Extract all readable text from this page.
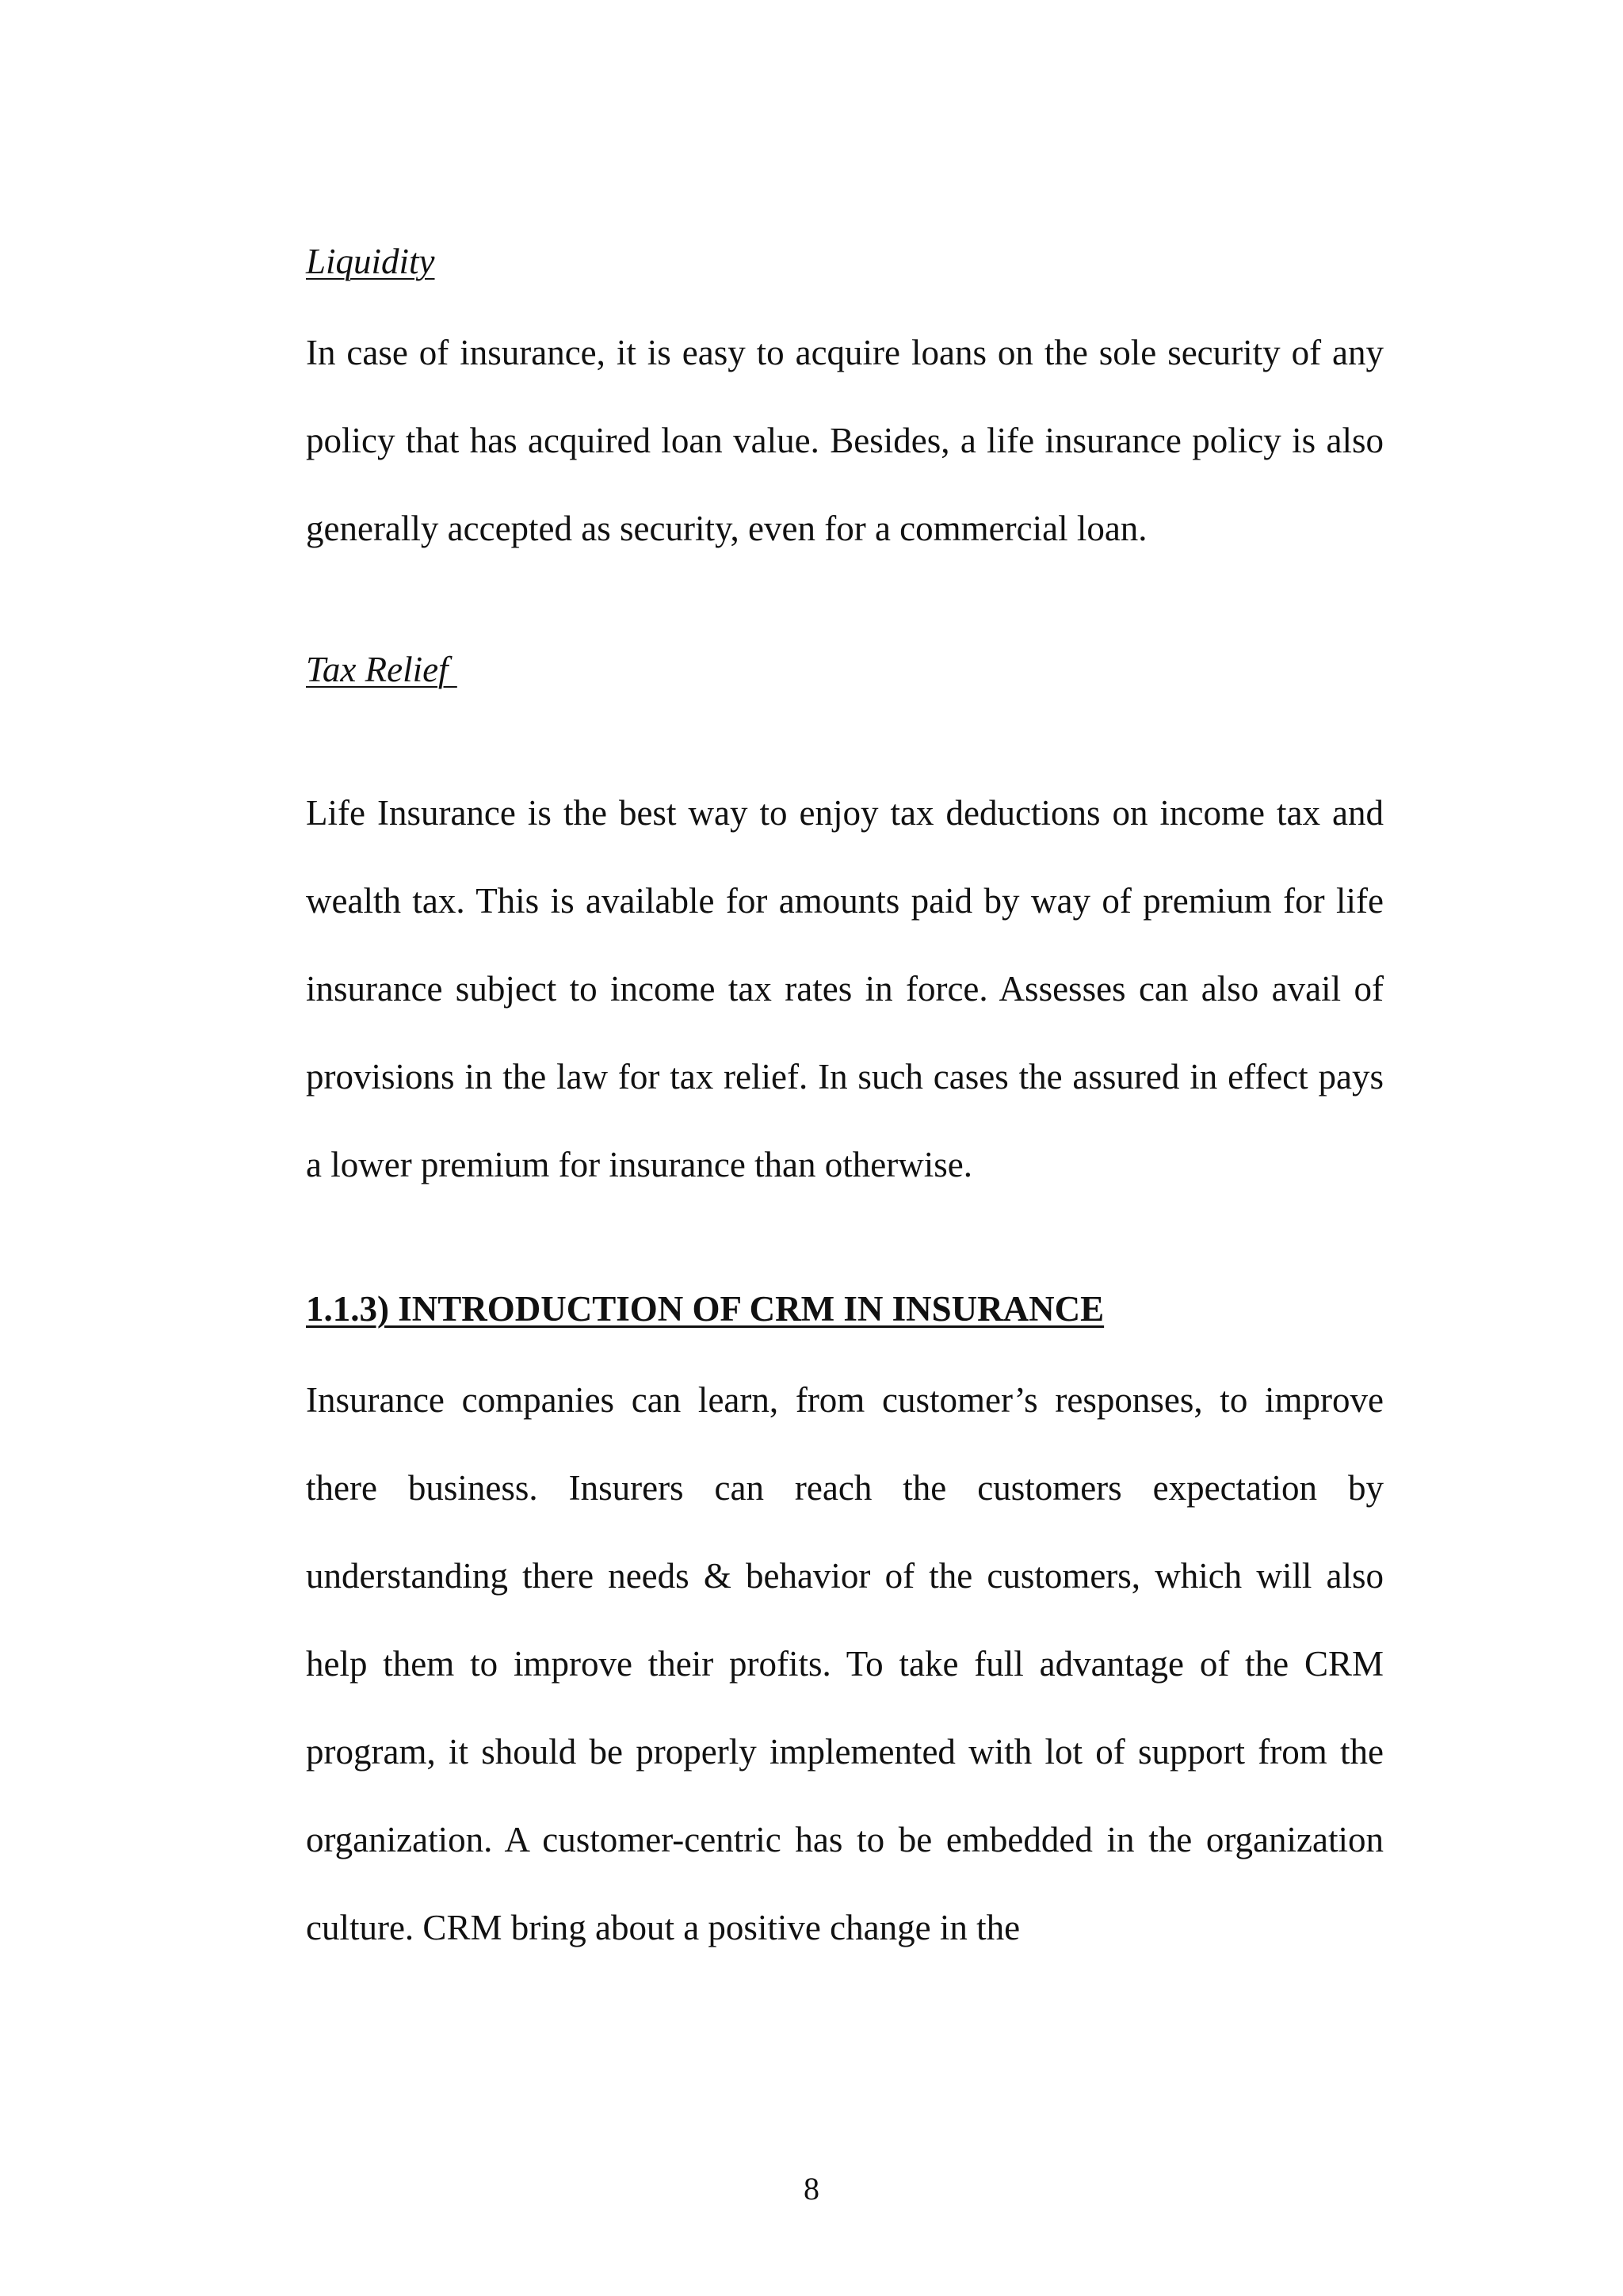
Liquidity

In case of insurance, it is easy to acquire loans on the sole security of any policy that has acquired loan value. Besides, a life insurance policy is also generally accepted as security, even for a commercial loan.

Tax Relief

Life Insurance is the best way to enjoy tax deductions on income tax and wealth tax. This is available for amounts paid by way of premium for life insurance subject to income tax rates in force. Assesses can also avail of provisions in the law for tax relief. In such cases the assured in effect pays a lower premium for insurance than otherwise.

1.1.3) INTRODUCTION OF CRM IN INSURANCE

Insurance companies can learn, from customer’s responses, to improve there business. Insurers can reach the customers expectation by understanding there needs & behavior of the customers, which will also help them to improve their profits. To take full advantage of the CRM program, it should be properly implemented with lot of support from the organization. A customer-centric has to be embedded in the organization culture. CRM bring about a positive change in the

8
